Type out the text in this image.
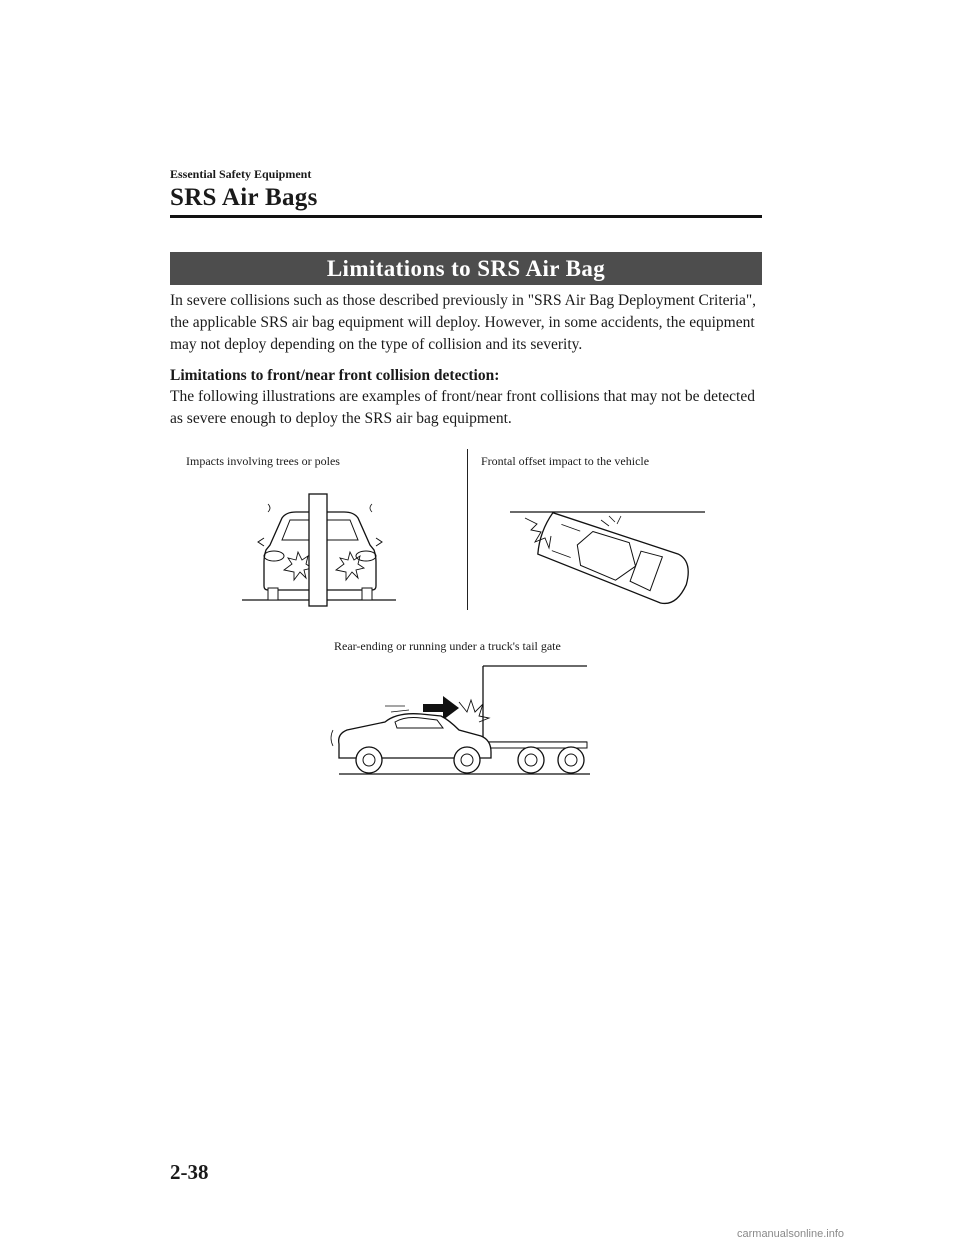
Essential Safety Equipment
SRS Air Bags
Limitations to SRS Air Bag

In severe collisions such as those described previously in "SRS Air Bag Deployment Criteria", the applicable SRS air bag equipment will deploy. However, in some accidents, the equipment may not deploy depending on the type of collision and its severity.

Limitations to front/near front collision detection:

The following illustrations are examples of front/near front collisions that may not be detected as severe enough to deploy the SRS air bag equipment.

Impacts involving trees or poles	Frontal offset impact to the vehicle
Rear-ending or running under a truck's tail gate
2-38
carmanualsonline.info
